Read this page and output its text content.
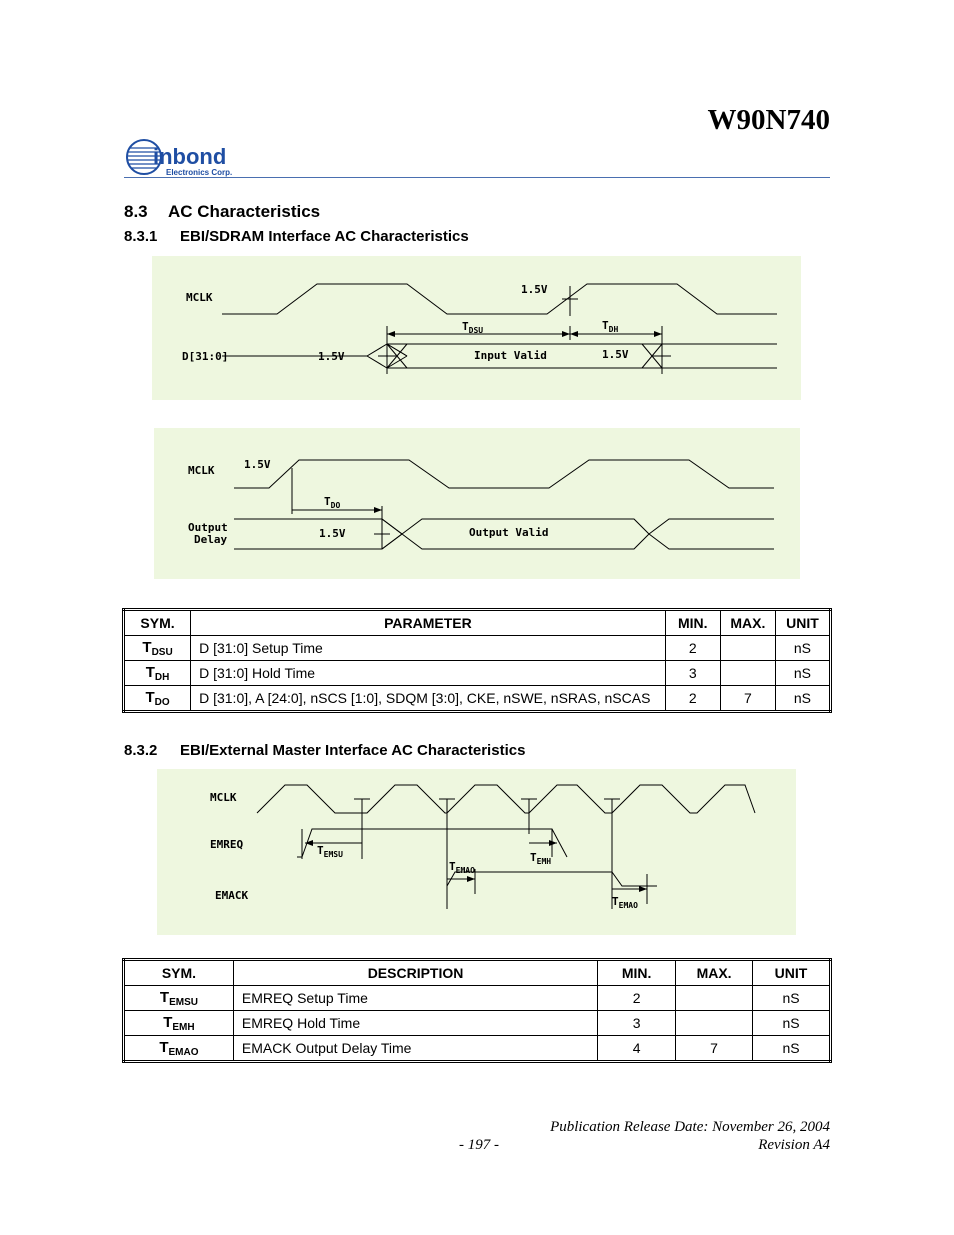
W90N740
inbond
Electronics Corp.
8.3 AC Characteristics
8.3.1 EBI/SDRAM Interface AC Characteristics
MCLK
D[31:0]	1.5V
1.5V
1.5V
Input Valid
$T_{DSU}$	$T_{DH}$
MCLK	1.5V
Output
Delay	1.5V	Output Valid
$T_{DO}$
SYM.	PARAMETER	MIN.	MAX.	UNIT
$T_{DSU}$	D [31:0] Setup Time	2		nS
$T_{DH}$	D [31:0] Hold Time	3		nS
$T_{DO}$	D [31:0], A [24:0], nSCS [1:0], SDQM [3:0], CKE, nSWE, nSRAS, nSCAS	2	7	nS
8.3.2 EBI/External Master Interface AC Characteristics
MCLK
EMREQ
EMACK
$T_{EMSU}$
$T_{EMAO}$
$T_{EMH}$
$T_{EMAO}$
SYM.	DESCRIPTION	MIN.	MAX.	UNIT
$T_{EMSU}$	EMREQ Setup Time	2		nS
$T_{EMH}$	EMREQ Hold Time	3		nS
$T_{EMAO}$	EMACK Output Delay Time	4	7	nS
Publication Release Date: November 26, 2004
- 197 -	Revision A4
